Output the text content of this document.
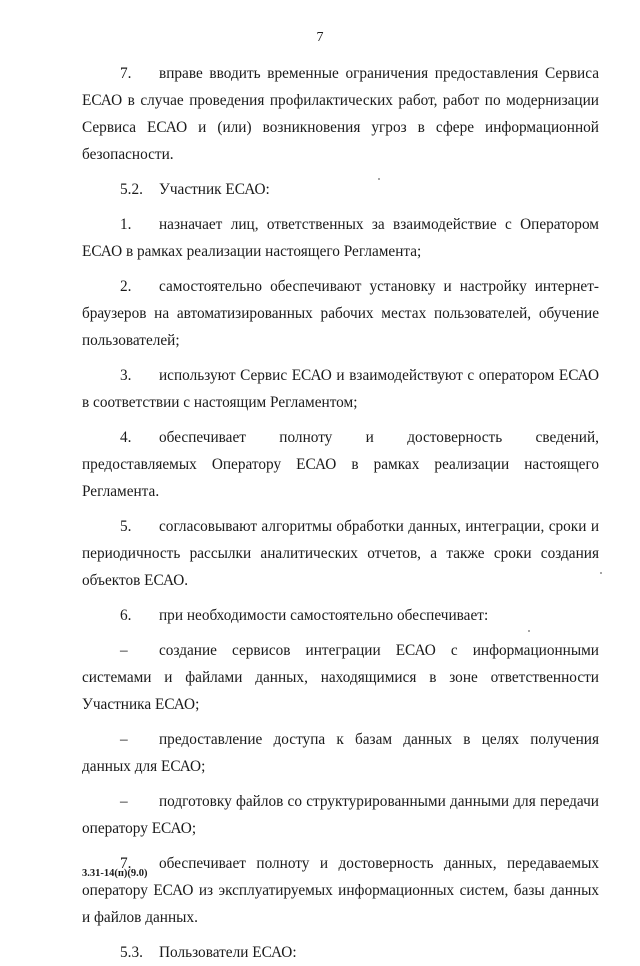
7

7. вправе вводить временные ограничения предоставления Сервиса ЕСАО в случае проведения профилактических работ, работ по модернизации Сервиса ЕСАО и (или) возникновения угроз в сфере информационной безопасности.

5.2. Участник ЕСАО:

1. назначает лиц, ответственных за взаимодействие с Оператором ЕСАО в рамках реализации настоящего Регламента;

2. самостоятельно обеспечивают установку и настройку интернет-браузеров на автоматизированных рабочих местах пользователей, обучение пользователей;

3. используют Сервис ЕСАО и взаимодействуют с оператором ЕСАО в соответствии с настоящим Регламентом;

4. обеспечивает полноту и достоверность сведений, предоставляемых Оператору ЕСАО в рамках реализации настоящего Регламента.

5. согласовывают алгоритмы обработки данных, интеграции, сроки и периодичность рассылки аналитических отчетов, а также сроки создания объектов ЕСАО.

6. при необходимости самостоятельно обеспечивает:

– создание сервисов интеграции ЕСАО с информационными системами и файлами данных, находящимися в зоне ответственности Участника ЕСАО;

– предоставление доступа к базам данных в целях получения данных для ЕСАО;

– подготовку файлов со структурированными данными для передачи оператору ЕСАО;

7. обеспечивает полноту и достоверность данных, передаваемых оператору ЕСАО из эксплуатируемых информационных систем, базы данных и файлов данных.

5.3. Пользователи ЕСАО:

3.31-14(п)(9.0)
